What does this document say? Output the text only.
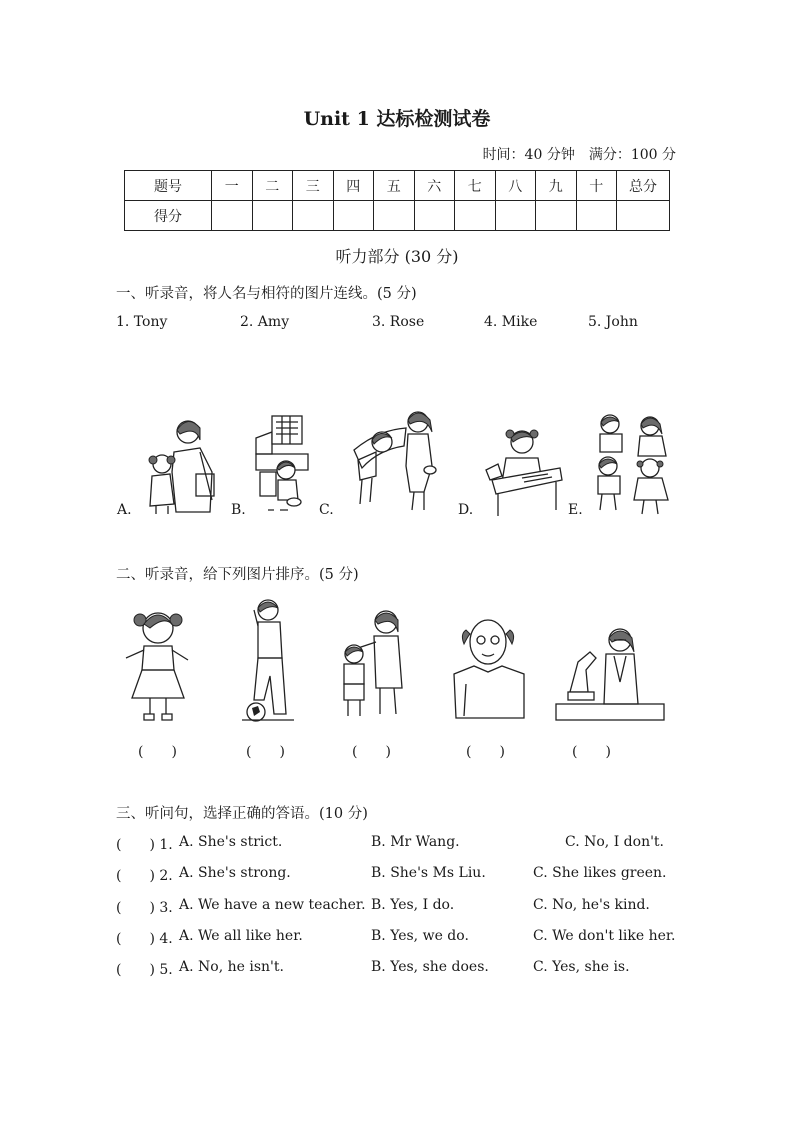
Unit 1 达标检测试卷
时间：40 分钟 满分：100 分
题号	一	二	三	四	五	六	七	八	九	十	总分
得分											
听力部分 (30 分)
一、听录音，将人名与相符的图片连线。(5 分)
1. Tony	2. Amy	3. Rose	4. Mike	5. John
A.	B.	C.	D.	E.
二、听录音，给下列图片排序。(5 分)
(　　)	(　　)	(　　)	(　　)	(　　)
三、听问句，选择正确的答语。(10 分)
(　　) 1. A. She's strict.	B. Mr Wang.	C. No, I don't.
(　　) 2. A. She's strong.	B. She's Ms Liu.	C. She likes green.
(　　) 3. A. We have a new teacher. B. Yes, I do.	C. No, he's kind.
(　　) 4. A. We all like her.	B. Yes, we do.	C. We don't like her.
(　　) 5. A. No, he isn't.	B. Yes, she does.	C. Yes, she is.
